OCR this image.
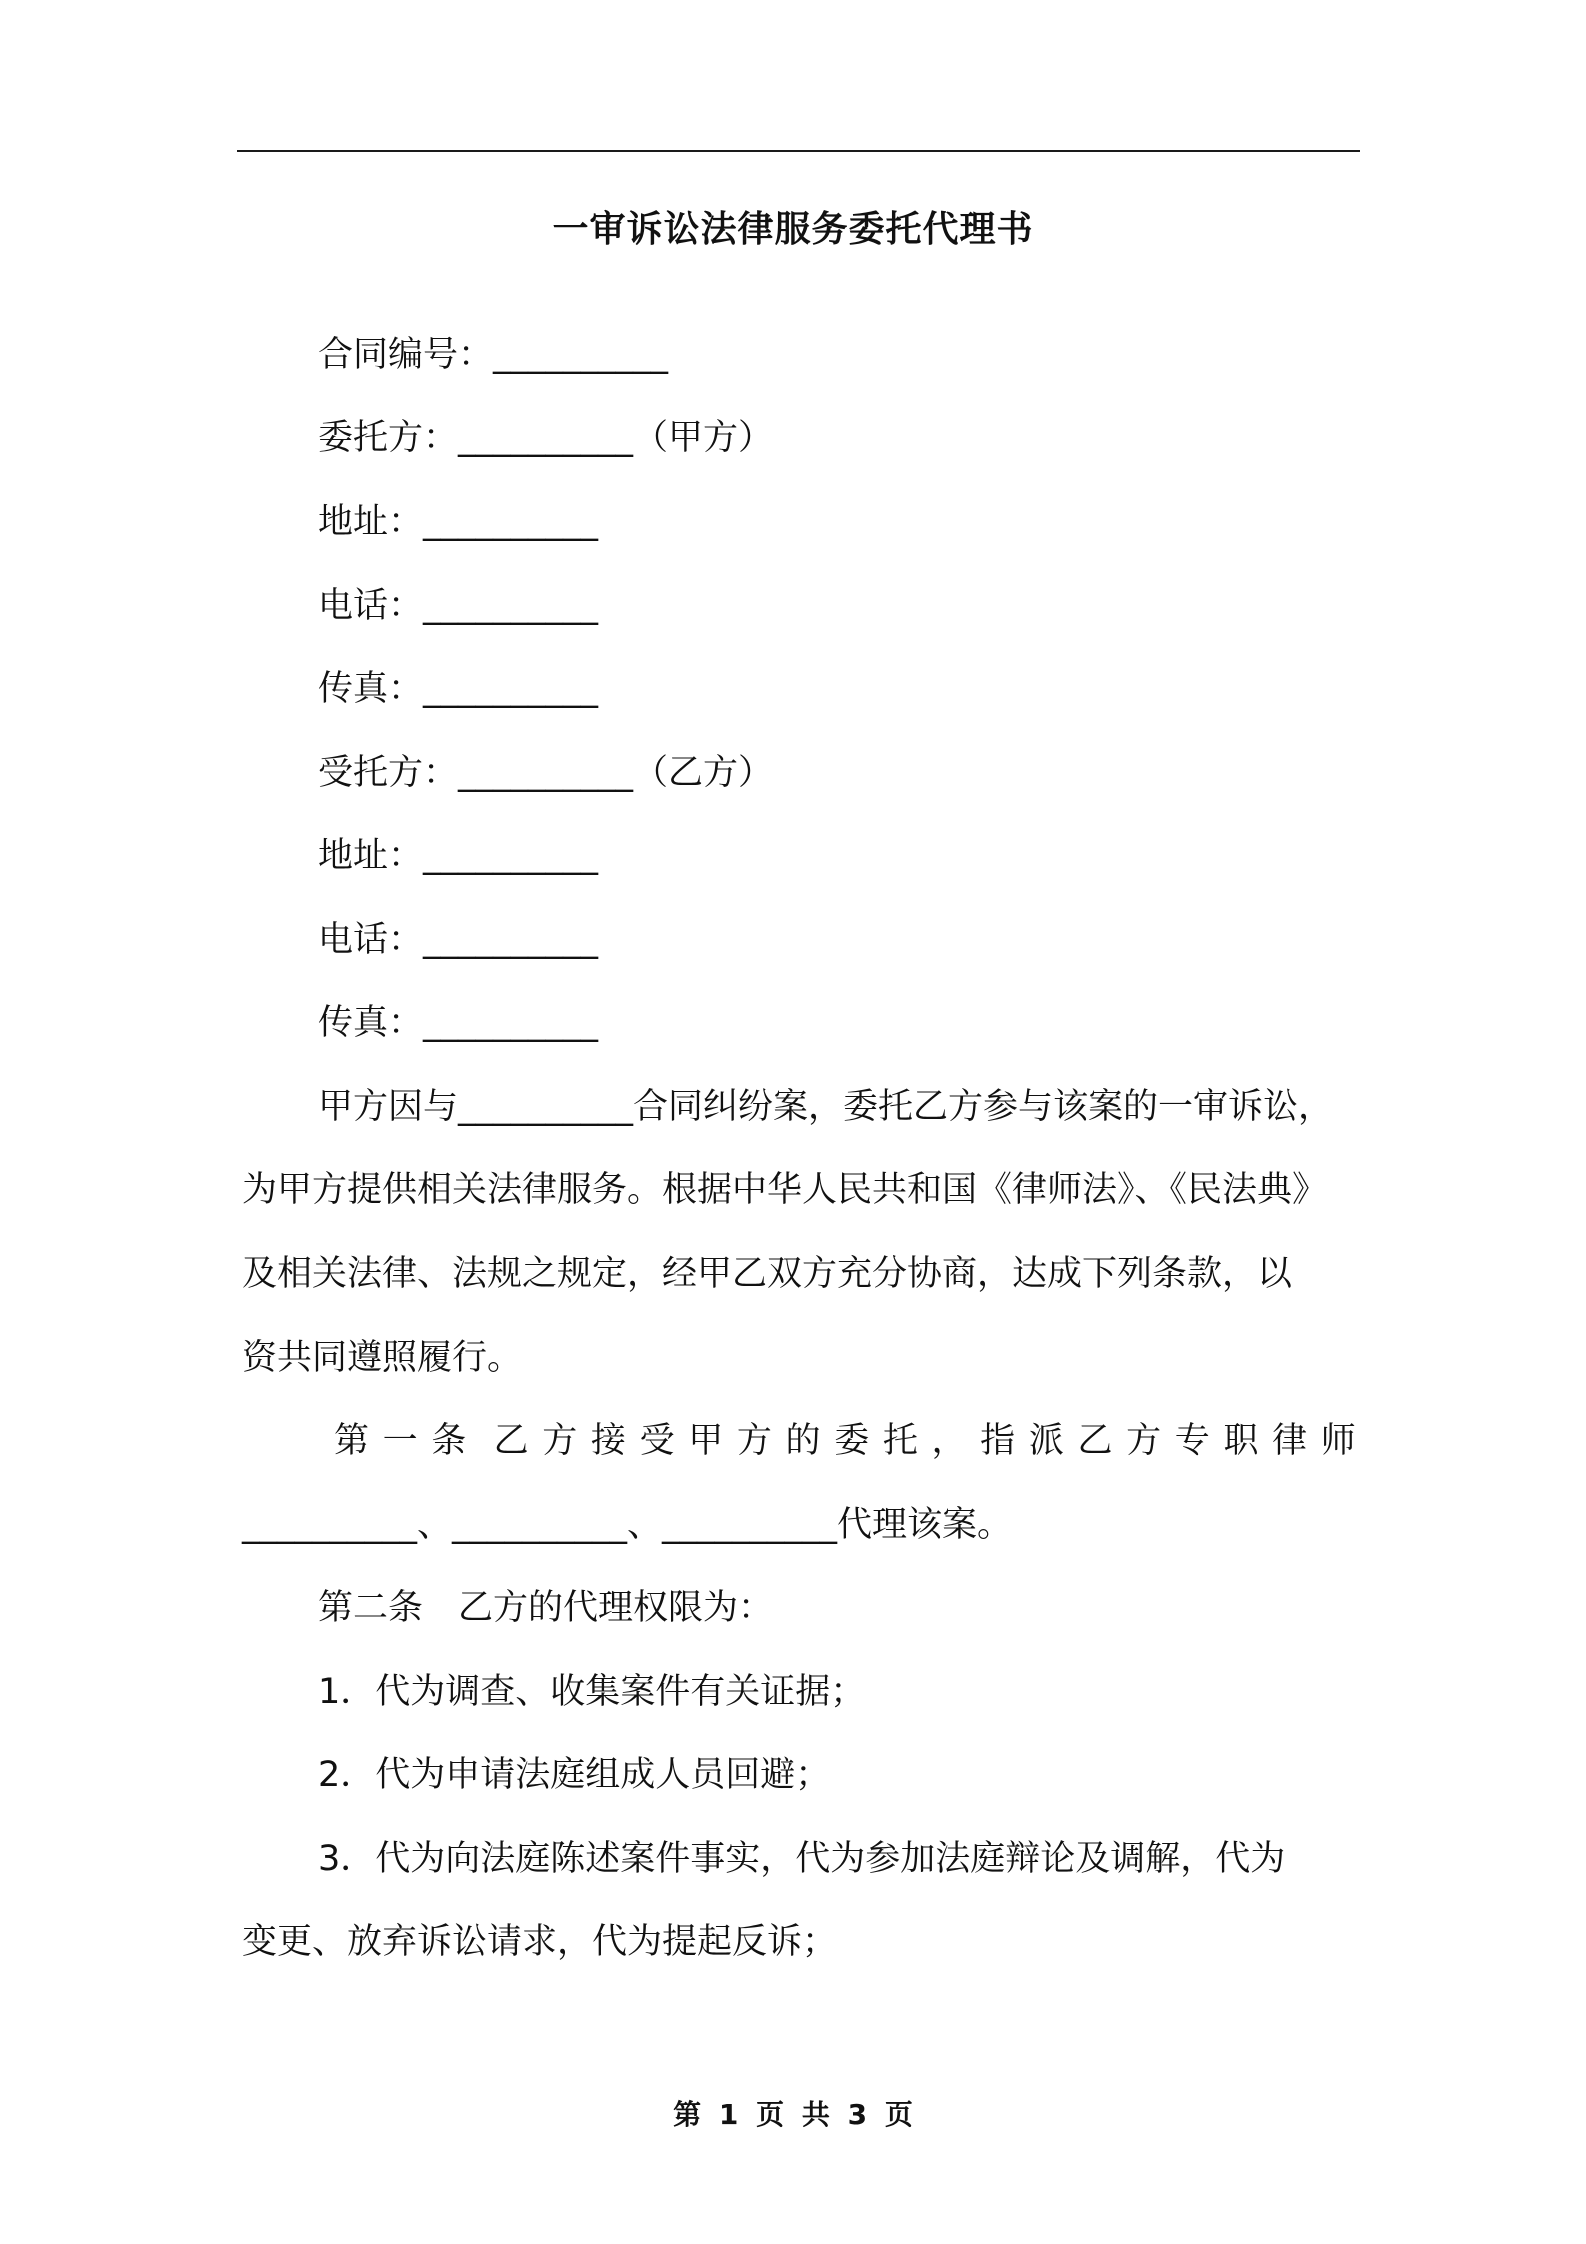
一审诉讼法律服务委托代理书
合同编号：__________
委托方：__________（甲方）
地址：__________
电话：__________
传真：__________
受托方：__________（乙方）
地址：__________
电话：__________
传真：__________
甲方因与__________合同纠纷案，委托乙方参与该案的一审诉讼，
为甲方提供相关法律服务。根据中华人民共和国《律师法》、《民法典》
及相关法律、法规之规定，经甲乙双方充分协商，达成下列条款，以
资共同遵照履行。
第 一 条 乙 方 接 受 甲 方 的 委 托 ， 指 派 乙 方 专 职 律 师
__________、__________、__________代理该案。
第二条　乙方的代理权限为：
1．代为调查、收集案件有关证据；
2．代为申请法庭组成人员回避；
3．代为向法庭陈述案件事实，代为参加法庭辩论及调解，代为
变更、放弃诉讼请求，代为提起反诉；
第 1 页 共 3 页
